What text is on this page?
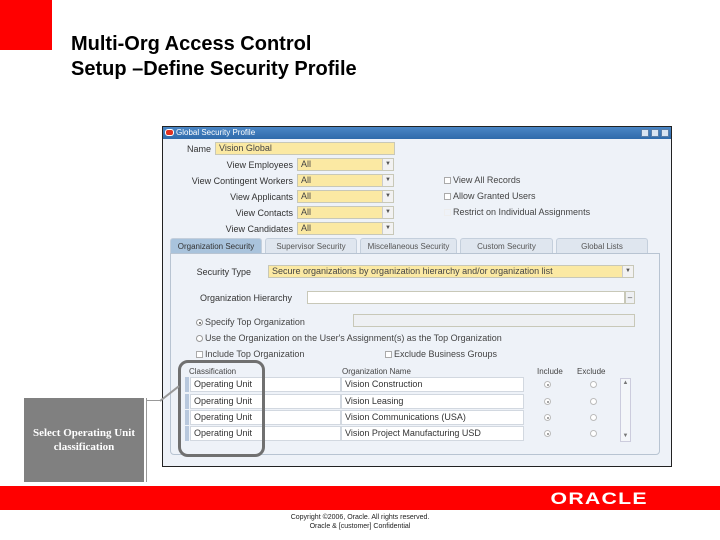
Multi-Org Access Control
Setup –Define Security Profile
Global Security Profile
Name Vision Global
View Employees All	▼
View Contingent Workers All	▼
View Applicants All	▼
View Contacts All	▼
View Candidates All	▼
View All Records
Allow Granted Users
Restrict on Individual Assignments
Organization Security	Supervisor Security	Miscellaneous Security	Custom Security	Global Lists
Security Type	Secure organizations by organization hierarchy and/or organization list	▼
Organization Hierarchy	–
Specify Top Organization
Use the Organization on the User's Assignment(s) as the Top Organization
Include Top Organization	Exclude Business Groups
Classification	Organization Name	Include Exclude
Operating Unit	Vision Construction
Operating Unit	Vision Leasing
Operating Unit	Vision Communications (USA)
Operating Unit	Vision Project Manufacturing USD
▲
▼
Select Operating Unit classification
ORACLE
Copyright ©2006, Oracle. All rights reserved.
Oracle & [customer] Confidential
